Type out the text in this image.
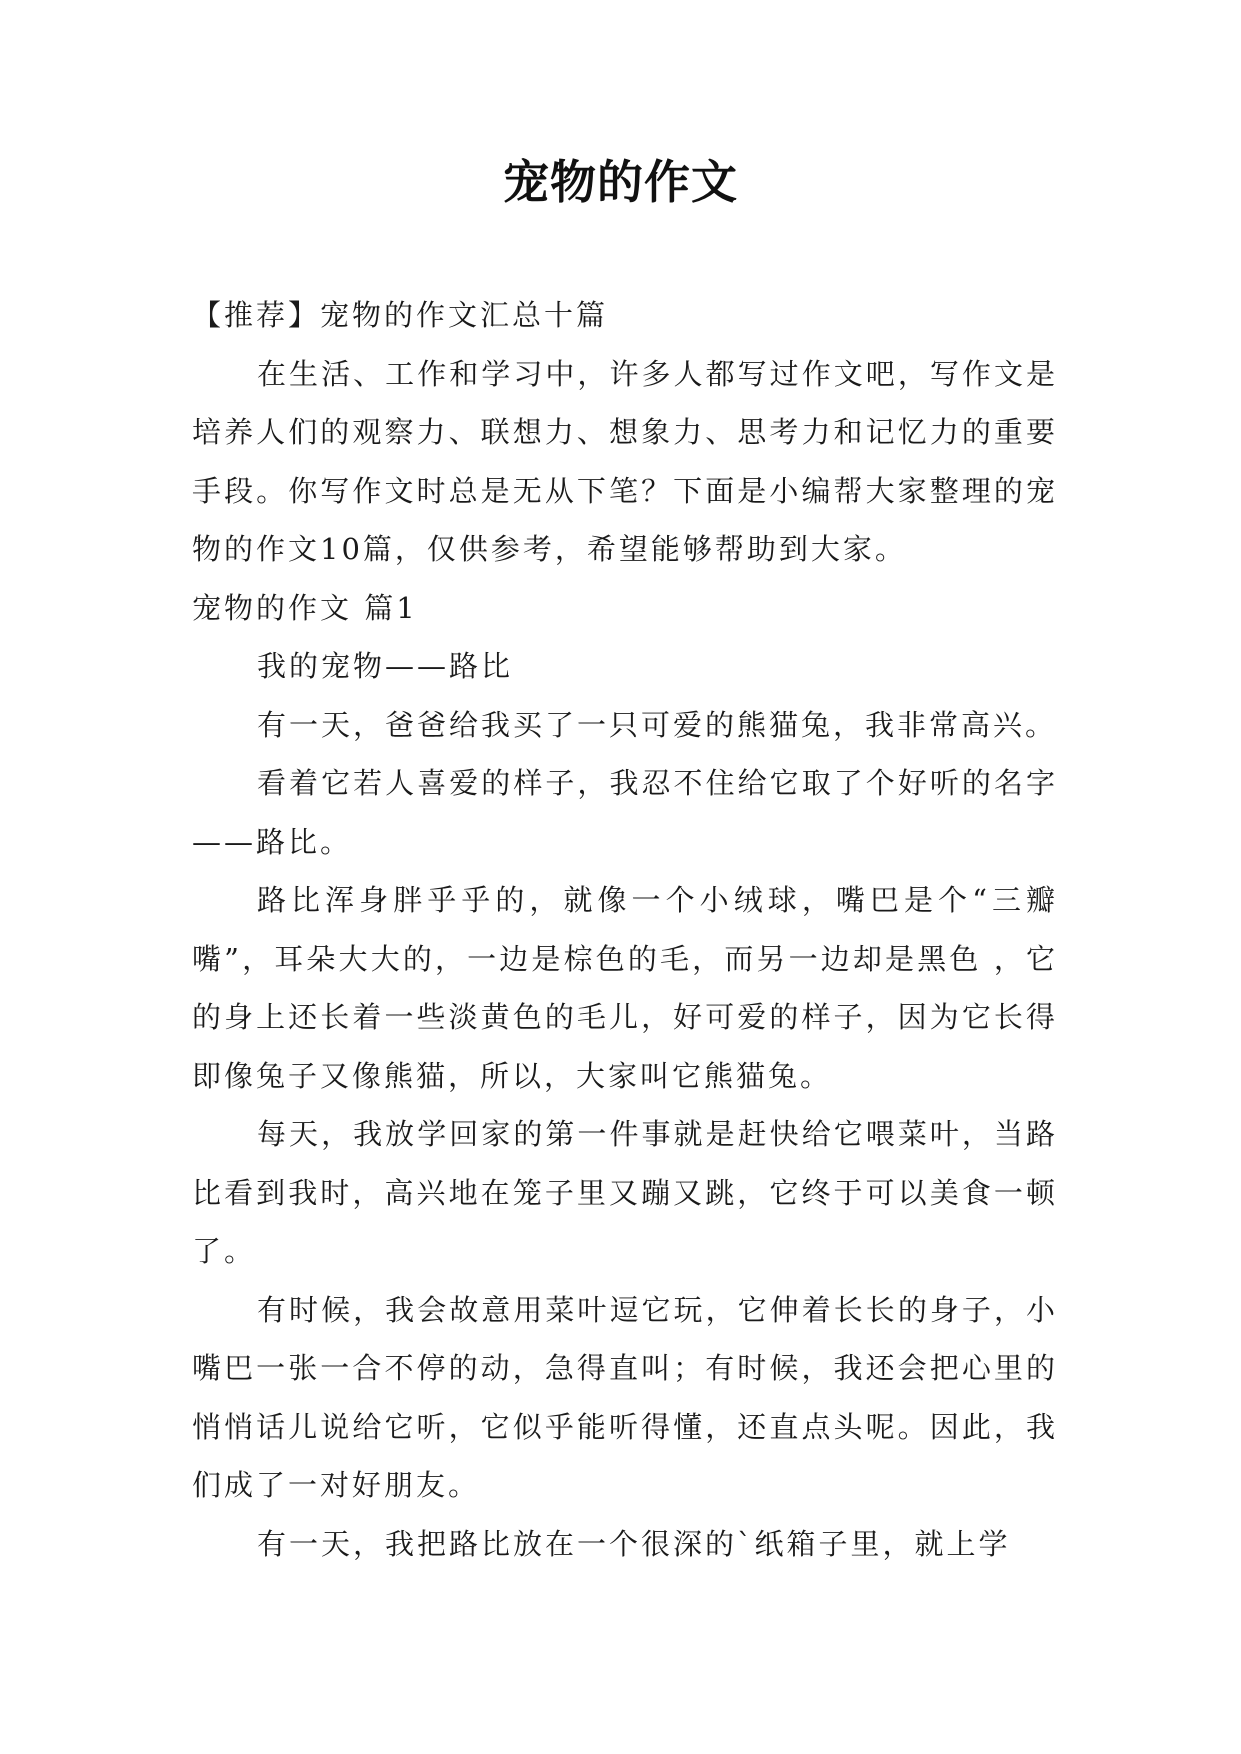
宠物的作文

【推荐】宠物的作文汇总十篇

在生活、工作和学习中，许多人都写过作文吧，写作文是培养人们的观察力、联想力、想象力、思考力和记忆力的重要手段。你写作文时总是无从下笔？下面是小编帮大家整理的宠物的作文10篇，仅供参考，希望能够帮助到大家。

宠物的作文 篇1

我的宠物——路比

有一天，爸爸给我买了一只可爱的熊猫兔，我非常高兴。

看着它若人喜爱的样子，我忍不住给它取了个好听的名字——路比。

路比浑身胖乎乎的，就像一个小绒球，嘴巴是个“三瓣嘴”，耳朵大大的，一边是棕色的毛，而另一边却是黑色 ，它的身上还长着一些淡黄色的毛儿，好可爱的样子，因为它长得即像兔子又像熊猫，所以，大家叫它熊猫兔。

每天，我放学回家的第一件事就是赶快给它喂菜叶，当路比看到我时，高兴地在笼子里又蹦又跳，它终于可以美食一顿了。

有时候，我会故意用菜叶逗它玩，它伸着长长的身子，小嘴巴一张一合不停的动，急得直叫；有时候，我还会把心里的悄悄话儿说给它听，它似乎能听得懂，还直点头呢。因此，我们成了一对好朋友。

有一天，我把路比放在一个很深的`纸箱子里，就上学
